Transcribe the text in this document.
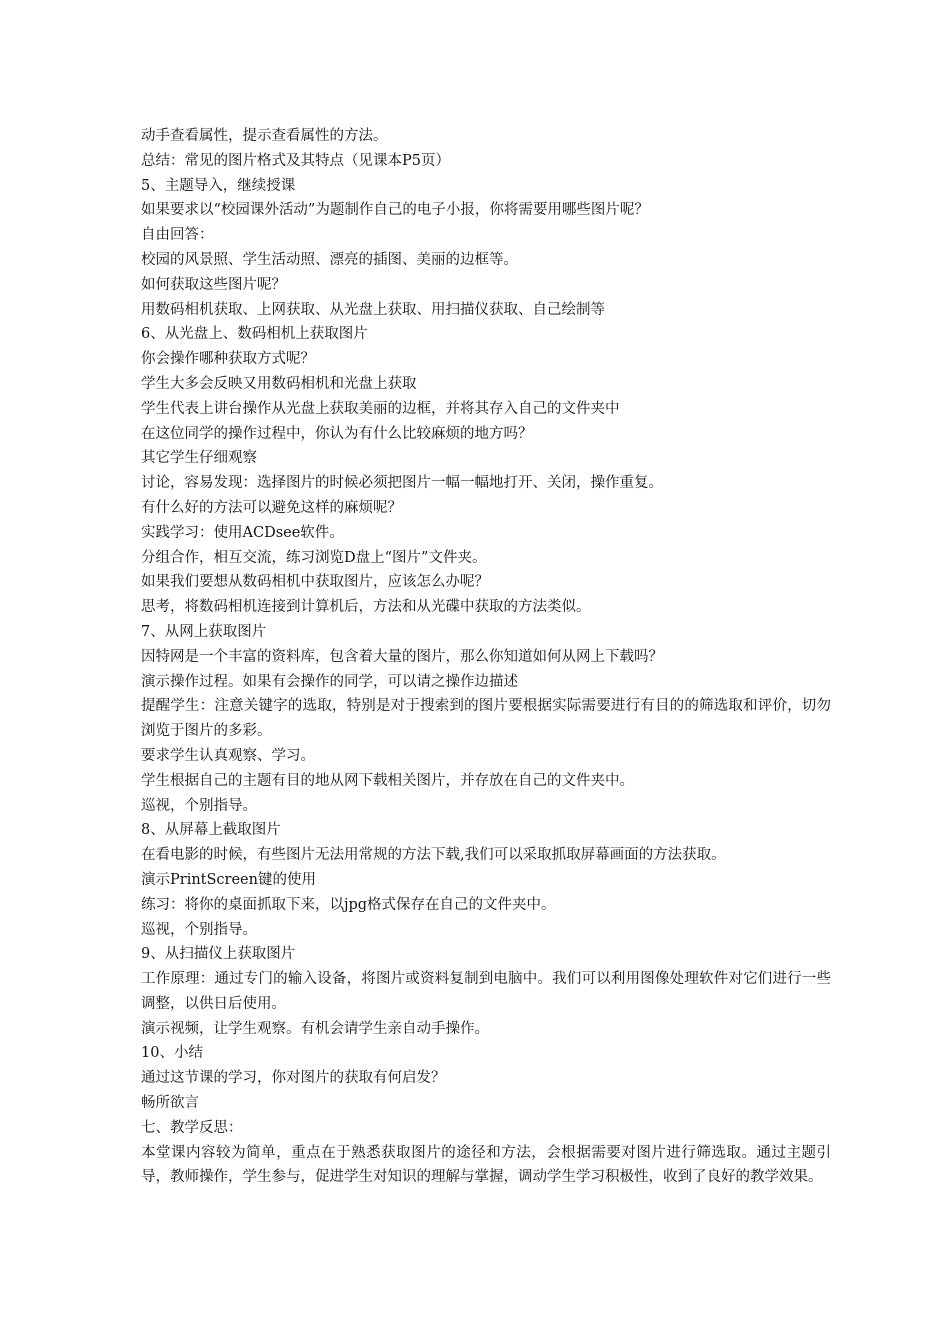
动手查看属性，提示查看属性的方法。

总结：常见的图片格式及其特点（见课本P5页）

5、主题导入，继续授课

如果要求以“校园课外活动”为题制作自己的电子小报，你将需要用哪些图片呢？

自由回答：

校园的风景照、学生活动照、漂亮的插图、美丽的边框等。

如何获取这些图片呢？

用数码相机获取、上网获取、从光盘上获取、用扫描仪获取、自己绘制等

6、从光盘上、数码相机上获取图片

你会操作哪种获取方式呢？

学生大多会反映又用数码相机和光盘上获取

学生代表上讲台操作从光盘上获取美丽的边框，并将其存入自己的文件夹中

在这位同学的操作过程中，你认为有什么比较麻烦的地方吗？

其它学生仔细观察

讨论，容易发现：选择图片的时候必须把图片一幅一幅地打开、关闭，操作重复。

有什么好的方法可以避免这样的麻烦呢？

实践学习：使用ACDsee软件。

分组合作，相互交流，练习浏览D盘上“图片”文件夹。

如果我们要想从数码相机中获取图片，应该怎么办呢？

思考，将数码相机连接到计算机后，方法和从光碟中获取的方法类似。

7、从网上获取图片

因特网是一个丰富的资料库，包含着大量的图片，那么你知道如何从网上下载吗？

演示操作过程。如果有会操作的同学，可以请之操作边描述

提醒学生：注意关键字的选取，特别是对于搜索到的图片要根据实际需要进行有目的的筛选取和评价，切勿浏览于图片的多彩。

要求学生认真观察、学习。

学生根据自己的主题有目的地从网下载相关图片，并存放在自己的文件夹中。

巡视，个别指导。

8、从屏幕上截取图片

在看电影的时候，有些图片无法用常规的方法下载,我们可以采取抓取屏幕画面的方法获取。

演示PrintScreen键的使用

练习：将你的桌面抓取下来，以jpg格式保存在自己的文件夹中。

巡视，个别指导。

9、从扫描仪上获取图片

工作原理：通过专门的输入设备，将图片或资料复制到电脑中。我们可以利用图像处理软件对它们进行一些调整，以供日后使用。

演示视频，让学生观察。有机会请学生亲自动手操作。

10、小结

通过这节课的学习，你对图片的获取有何启发？

畅所欲言

七、教学反思：

本堂课内容较为简单，重点在于熟悉获取图片的途径和方法，会根据需要对图片进行筛选取。通过主题引导，教师操作，学生参与，促进学生对知识的理解与掌握，调动学生学习积极性，收到了良好的教学效果。
